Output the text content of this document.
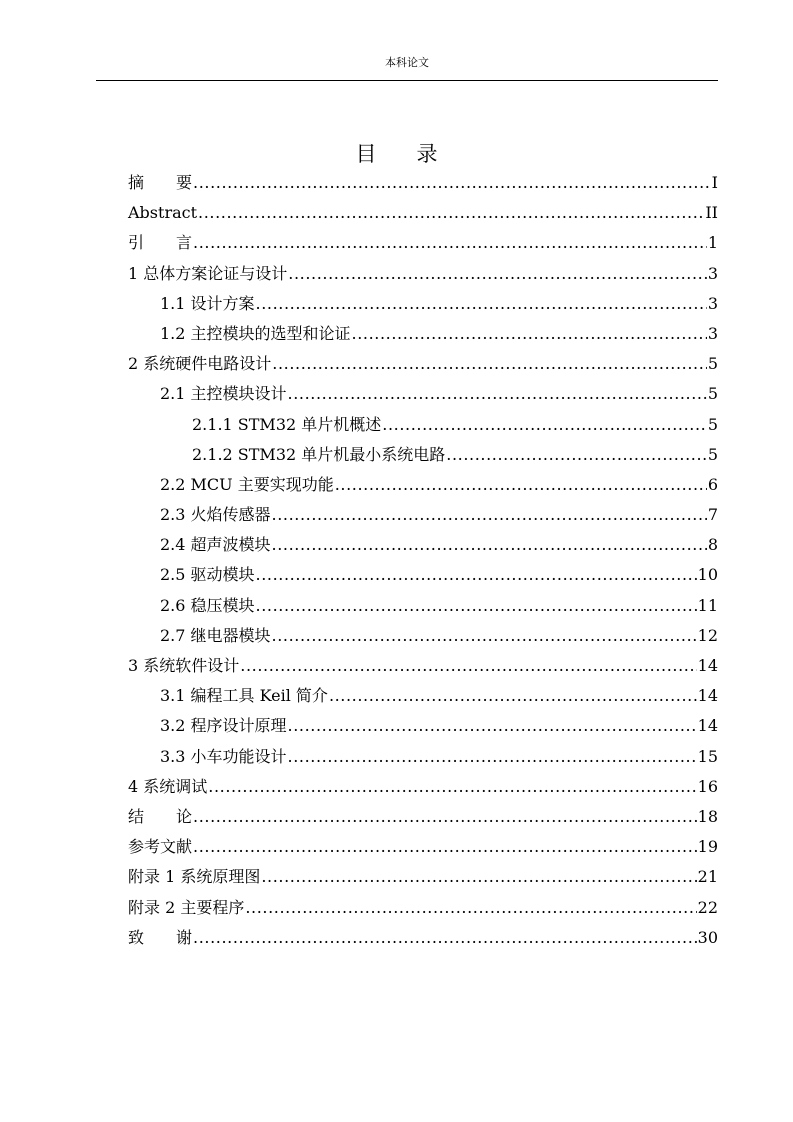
本科论文
目 录
摘　　要 .....	I
Abstract .....	II
引　　言 .....	1
1 总体方案论证与设计 .....	3
1.1 设计方案 .....	3
1.2 主控模块的选型和论证 .....	3
2 系统硬件电路设计 .....	5
2.1 主控模块设计 .....	5
2.1.1 STM32 单片机概述 .....	5
2.1.2 STM32 单片机最小系统电路 .....	5
2.2 MCU 主要实现功能 .....	6
2.3 火焰传感器 .....	7
2.4 超声波模块 .....	8
2.5 驱动模块 .....	10
2.6 稳压模块 .....	11
2.7 继电器模块 .....	12
3 系统软件设计 .....	14
3.1 编程工具 Keil 简介 .....	14
3.2 程序设计原理 .....	14
3.3 小车功能设计 .....	15
4 系统调试 .....	16
结　　论 .....	18
参考文献 .....	19
附录 1 系统原理图 .....	21
附录 2 主要程序 .....	22
致　　谢 .....	30
